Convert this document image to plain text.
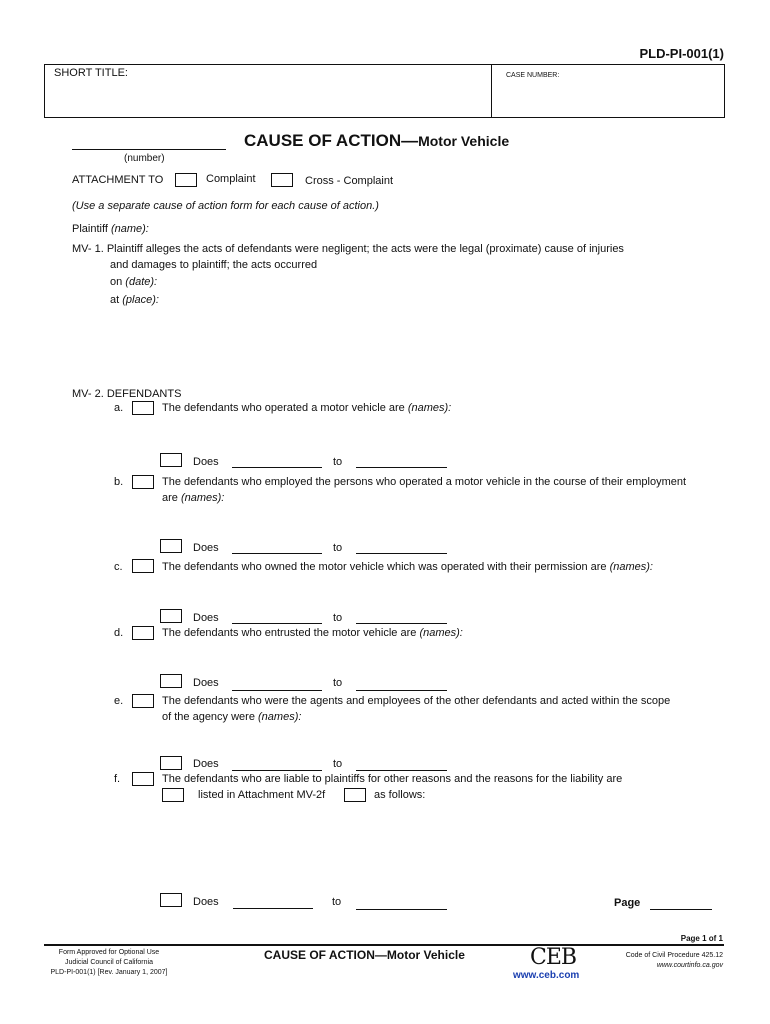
PLD-PI-001(1)
SHORT TITLE:	CASE NUMBER:
(number)
CAUSE OF ACTION—Motor Vehicle
ATTACHMENT TO	Complaint	Cross - Complaint
(Use a separate cause of action form for each cause of action.)
Plaintiff (name):
MV- 1. Plaintiff alleges the acts of defendants were negligent; the acts were the legal (proximate) cause of injuries
and damages to plaintiff; the acts occurred
on (date):
at (place):
MV- 2. DEFENDANTS
a.	The defendants who operated a motor vehicle are (names):
Does	to
b.	The defendants who employed the persons who operated a motor vehicle in the course of their employment
are (names):
Does	to
c.	The defendants who owned the motor vehicle which was operated with their permission are (names):
Does	to
d.	The defendants who entrusted the motor vehicle are (names):
Does	to
e.	The defendants who were the agents and employees of the other defendants and acted within the scope
of the agency were (names):
Does	to
f.	The defendants who are liable to plaintiffs for other reasons and the reasons for the liability are
listed in Attachment MV-2f	as follows:
Does	to	Page
Page 1 of 1
Form Approved for Optional Use
Judicial Council of California
PLD-PI-001(1) [Rev. January 1, 2007]
CAUSE OF ACTION—Motor Vehicle	CEB
www.ceb.com
Code of Civil Procedure 425.12
www.courtinfo.ca.gov
